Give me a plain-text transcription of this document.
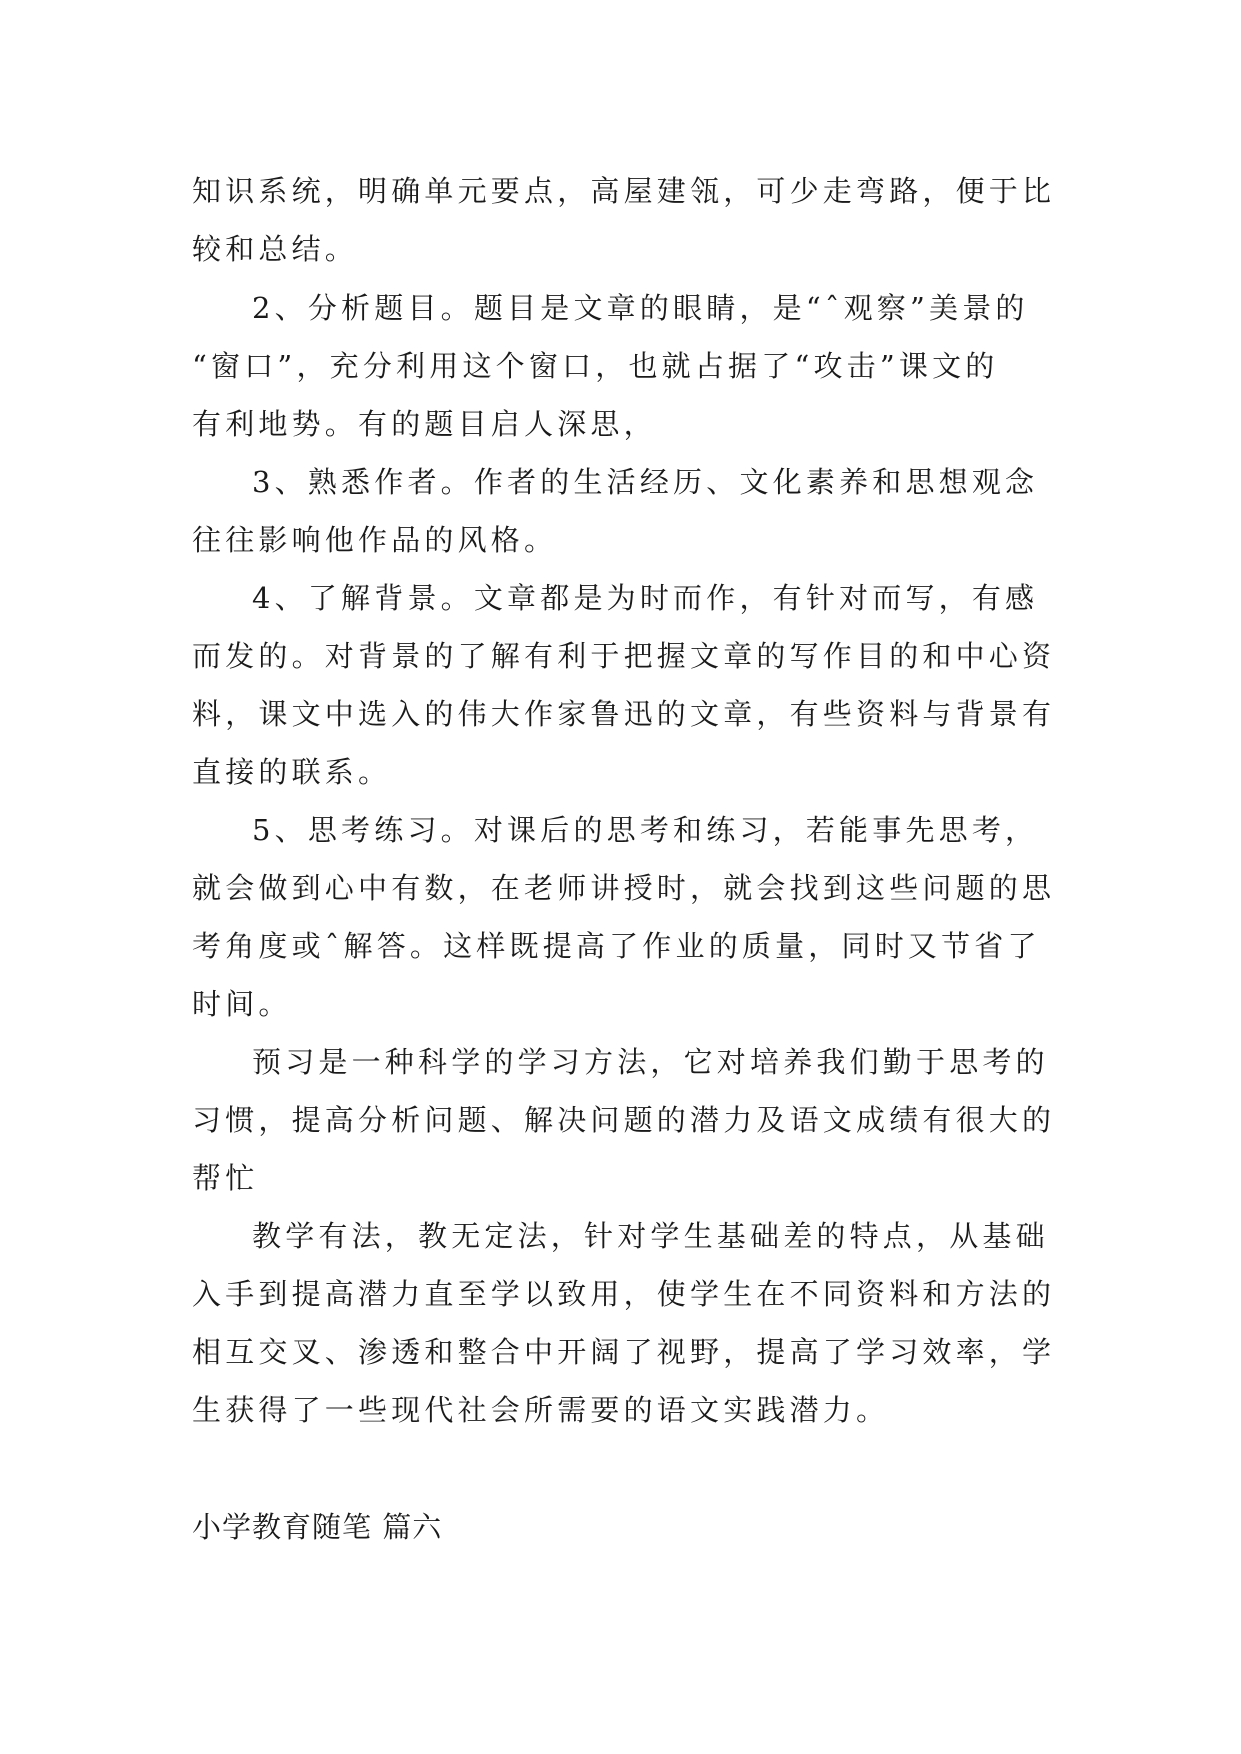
知识系统，明确单元要点，高屋建瓴，可少走弯路，便于比
较和总结。
2、分析题目。题目是文章的眼睛，是“ˆ观察”美景的
“窗口”，充分利用这个窗口，也就占据了“攻击”课文的
有利地势。有的题目启人深思，
3、熟悉作者。作者的生活经历、文化素养和思想观念
往往影响他作品的风格。
4、了解背景。文章都是为时而作，有针对而写，有感
而发的。对背景的了解有利于把握文章的写作目的和中心资
料，课文中选入的伟大作家鲁迅的文章，有些资料与背景有
直接的联系。
5、思考练习。对课后的思考和练习，若能事先思考，
就会做到心中有数，在老师讲授时，就会找到这些问题的思
考角度或ˆ解答。这样既提高了作业的质量，同时又节省了
时间。
预习是一种科学的学习方法，它对培养我们勤于思考的
习惯，提高分析问题、解决问题的潜力及语文成绩有很大的
帮忙
教学有法，教无定法，针对学生基础差的特点，从基础
入手到提高潜力直至学以致用，使学生在不同资料和方法的
相互交叉、渗透和整合中开阔了视野，提高了学习效率，学
生获得了一些现代社会所需要的语文实践潜力。
小学教育随笔 篇六
